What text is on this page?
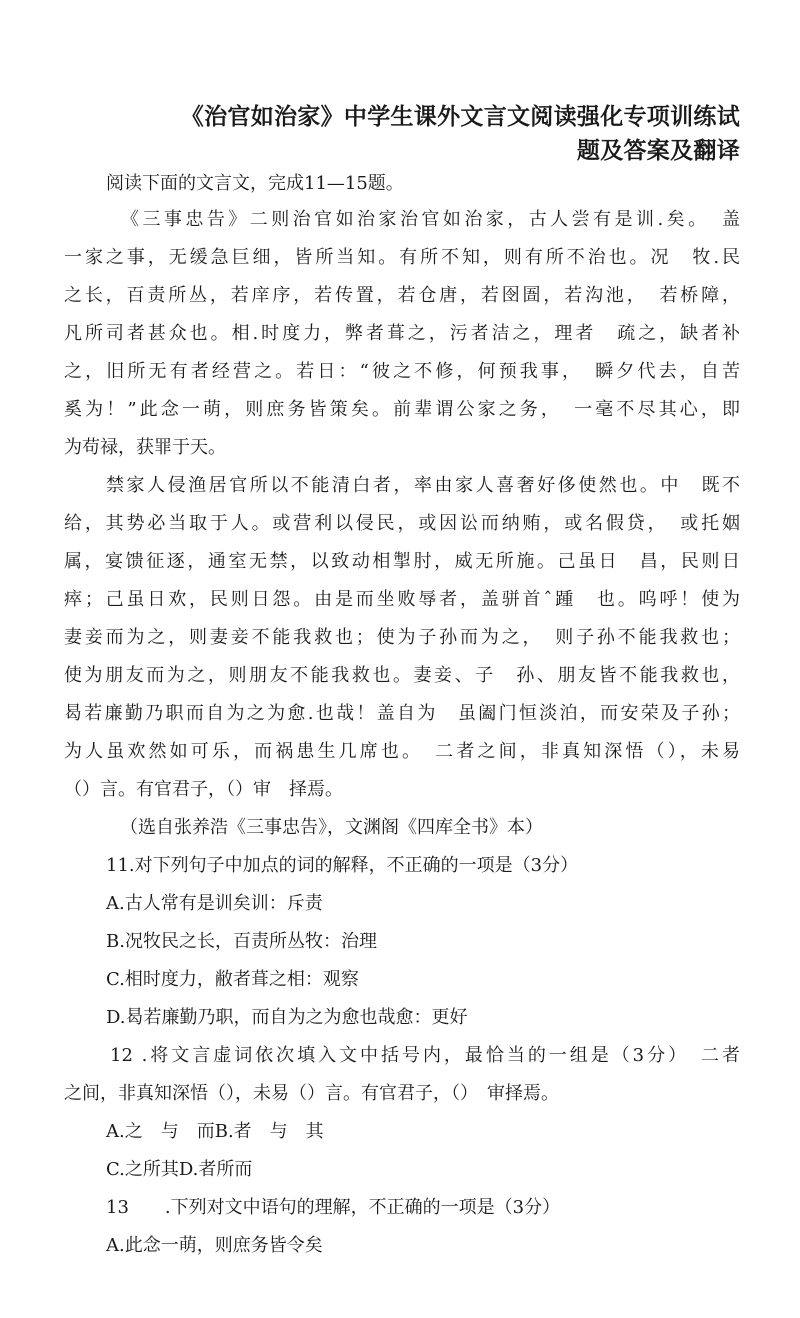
《治官如治家》中学生课外文言文阅读强化专项训练试
题及答案及翻译
阅读下面的文言文，完成11—15题。
《三事忠告》二则治官如治家治官如治家，古人尝有是训.矣。　盖
一家之事，无缓急巨细，皆所当知。有所不知，则有所不治也。况　牧.民
之长，百责所丛，若庠序，若传置，若仓唐，若囹圄，若沟池，　若桥障，
凡所司者甚众也。相.时度力，弊者葺之，污者洁之，理者　疏之，缺者补
之，旧所无有者经营之。若日：“彼之不修，何预我事，　瞬夕代去，自苦
奚为！”此念一萌，则庶务皆策矣。前辈谓公家之务，　一毫不尽其心，即
为苟禄，获罪于天。
禁家人侵渔居官所以不能清白者，率由家人喜奢好侈使然也。中　既不
给，其势必当取于人。或营利以侵民，或因讼而纳贿，或名假贷，　或托姻
属，宴馈征逐，通室无禁，以致动相掣肘，威无所施。己虽日　昌，民则日
瘁；己虽日欢，民则日怨。由是而坐败辱者，盖骈首ˆ踵　也。呜呼！使为
妻妾而为之，则妻妾不能我救也；使为子孙而为之，　则子孙不能我救也；
使为朋友而为之，则朋友不能我救也。妻妾、子　孙、朋友皆不能我救也，
曷若廉勤乃职而自为之为愈.也哉！盖自为　虽阖门恒淡泊，而安荣及子孙；
为人虽欢然如可乐，而祸患生几席也。　二者之间，非真知深悟（），未易
（）言。有官君子，（）审　择焉。
（选自张养浩《三事忠告》，文渊阁《四库全书》本）
11.对下列句子中加点的词的解释，不正确的一项是（3分）
A.古人常有是训矣训：斥责
B.况牧民之长，百责所丛牧：治理
C.相时度力，敝者葺之相：观察
D.曷若廉勤乃职，而自为之为愈也哉愈：更好
12 .将文言虚词依次填入文中括号内，最恰当的一组是（3分）　二者
之间，非真知深悟（），未易（）言。有官君子，（）　审择焉。
A.之　与　而B.者　与　其
C.之所其D.者所而
13　　.下列对文中语句的理解，不正确的一项是（3分）
A.此念一萌，则庶务皆令矣
